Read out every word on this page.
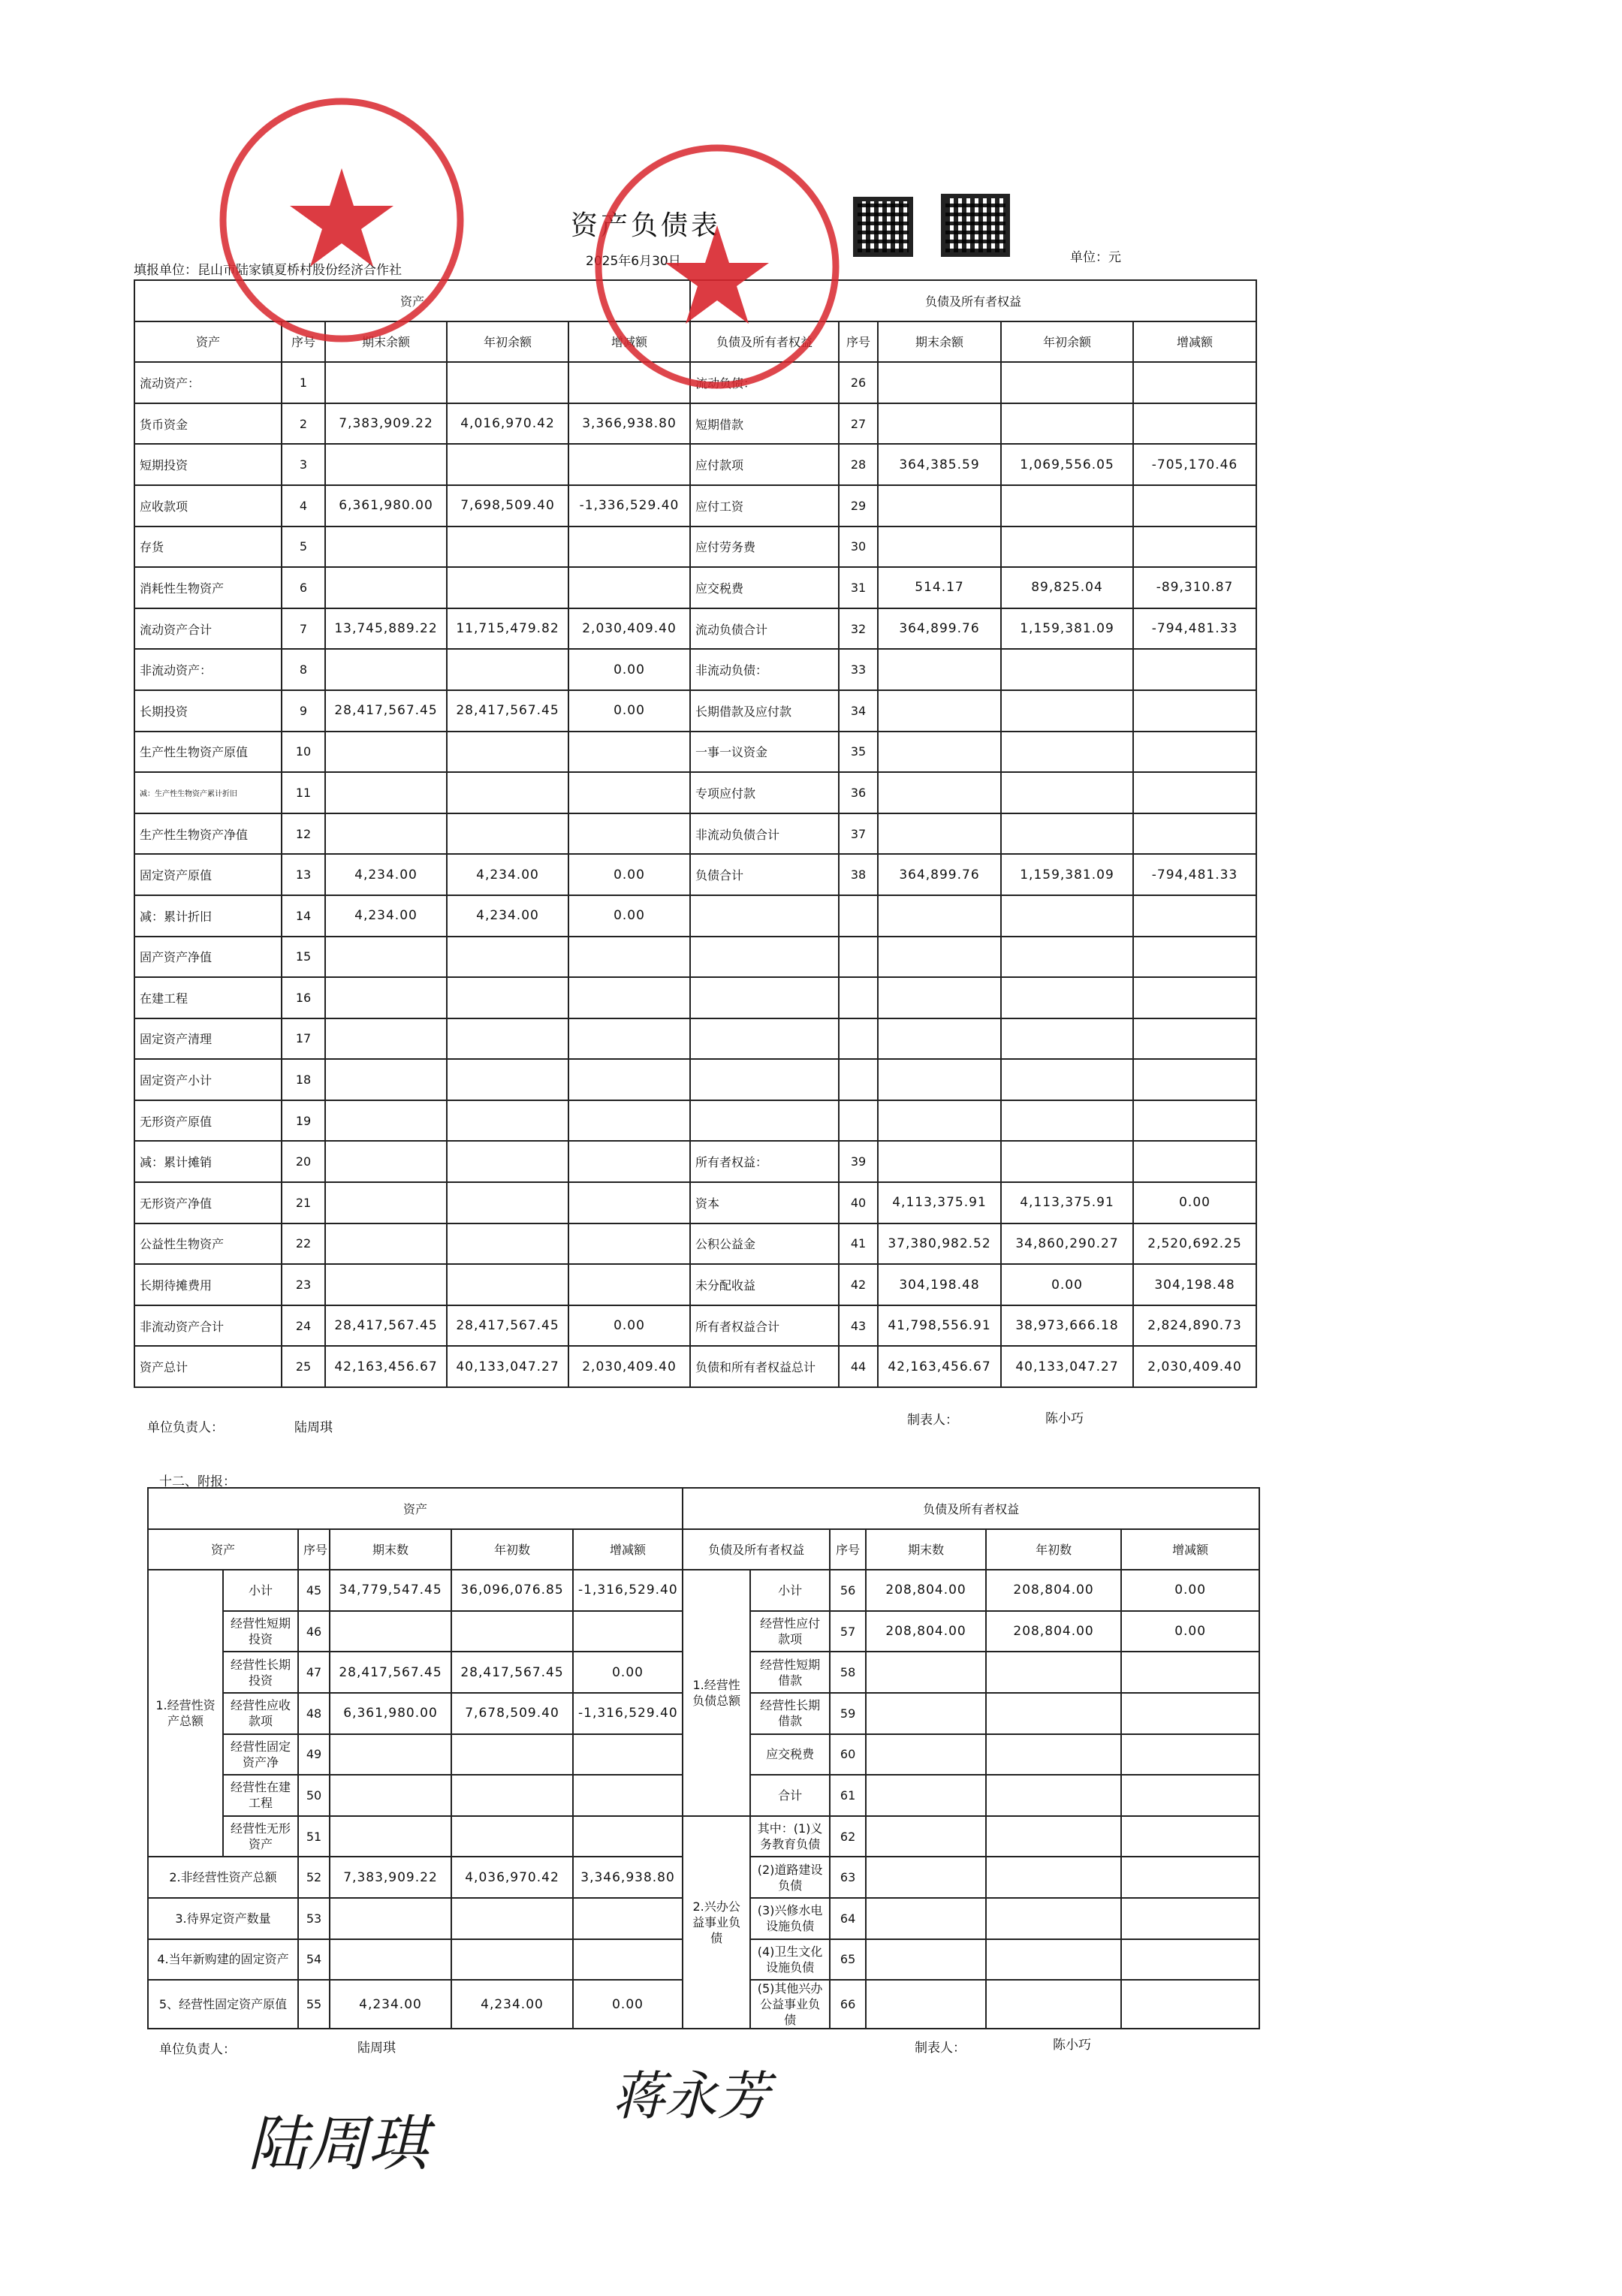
资产负债表
填报单位：昆山市陆家镇夏桥村股份经济合作社
2025年6月30日	单位：元
资产					负债及所有者权益				
资产	序号	期末余额	年初余额	增减额	负债及所有者权益	序号	期末余额	年初余额	增减额
流动资产：	1				流动负债：	26			
货币资金	2	7,383,909.22	4,016,970.42	3,366,938.80	短期借款	27			
短期投资	3				应付款项	28	364,385.59	1,069,556.05	-705,170.46
应收款项	4	6,361,980.00	7,698,509.40	-1,336,529.40	应付工资	29			
存货	5				应付劳务费	30			
消耗性生物资产	6				应交税费	31	514.17	89,825.04	-89,310.87
流动资产合计	7	13,745,889.22	11,715,479.82	2,030,409.40	流动负债合计	32	364,899.76	1,159,381.09	-794,481.33
非流动资产：	8			0.00	非流动负债：	33			
长期投资	9	28,417,567.45	28,417,567.45	0.00	长期借款及应付款	34			
生产性生物资产原值	10				一事一议资金	35			
减：生产性生物资产累计折旧	11				专项应付款	36			
生产性生物资产净值	12				非流动负债合计	37			
固定资产原值	13	4,234.00	4,234.00	0.00	负债合计	38	364,899.76	1,159,381.09	-794,481.33
减：累计折旧	14	4,234.00	4,234.00	0.00					
固产资产净值	15								
在建工程	16								
固定资产清理	17								
固定资产小计	18								
无形资产原值	19								
减：累计摊销	20				所有者权益：	39			
无形资产净值	21				资本	40	4,113,375.91	4,113,375.91	0.00
公益性生物资产	22				公积公益金	41	37,380,982.52	34,860,290.27	2,520,692.25
长期待摊费用	23				未分配收益	42	304,198.48	0.00	304,198.48
非流动资产合计	24	28,417,567.45	28,417,567.45	0.00	所有者权益合计	43	41,798,556.91	38,973,666.18	2,824,890.73
资产总计	25	42,163,456.67	40,133,047.27	2,030,409.40	负债和所有者权益总计	44	42,163,456.67	40,133,047.27	2,030,409.40
单位负责人：	陆周琪	制表人：	陈小巧
十二、附报：
资产						负债及所有者权益					
资产		序号	期末数	年初数	增减额	负债及所有者权益		序号	期末数	年初数	增减额
1.经营性资产总额	小计	45	34,779,547.45	36,096,076.85	-1,316,529.40	1.经营性负债总额	小计	56	208,804.00	208,804.00	0.00
	经营性短期投资	46					经营性应付款项	57	208,804.00	208,804.00	0.00
	经营性长期投资	47	28,417,567.45	28,417,567.45	0.00		经营性短期借款	58			
	经营性应收款项	48	6,361,980.00	7,678,509.40	-1,316,529.40		经营性长期借款	59			
	经营性固定资产净	49					应交税费	60			
	经营性在建工程	50					合计	61			
	经营性无形资产	51				2.兴办公益事业负债	其中：(1)义务教育负债	62			
2.非经营性资产总额		52	7,383,909.22	4,036,970.42	3,346,938.80		(2)道路建设负债	63			
3.待界定资产数量		53					(3)兴修水电设施负债	64			
4.当年新购建的固定资产		54					(4)卫生文化设施负债	65			
5、经营性固定资产原值		55	4,234.00	4,234.00	0.00		(5)其他兴办公益事业负债	66			
单位负责人：	陆周琪	制表人：	陈小巧
陆周琪
蒋永芳
